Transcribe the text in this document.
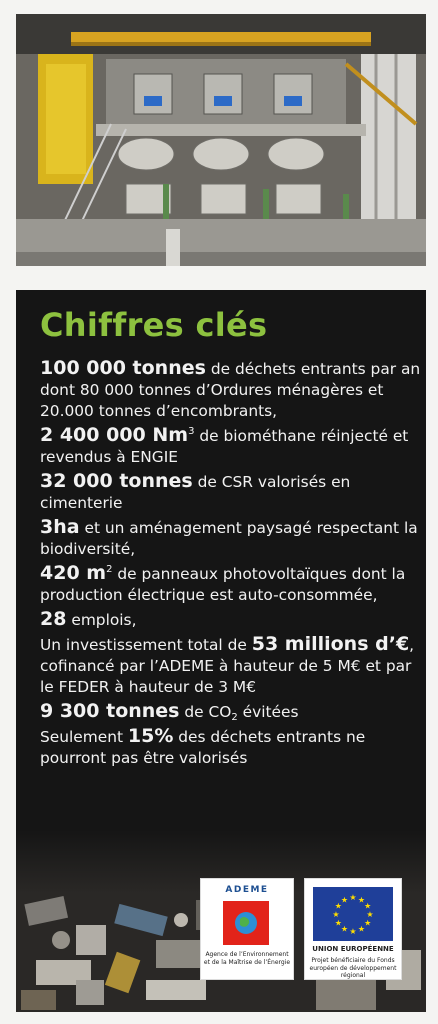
Chiffres clés

100 000 tonnes de déchets entrants par an dont 80 000 tonnes d’Ordures ménagères et 20.000 tonnes d’encombrants,

2 400 000 Nm$^3$ de biométhane réinjecté et revendus à ENGIE

32 000 tonnes de CSR valorisés en cimenterie

3ha et un aménagement paysagé respectant la biodiversité,

420 $m^2$ de panneaux photovoltaïques dont la production électrique est auto-consommée,

28 emplois,

Un investissement total de 53 millions d’€, cofinancé par l’ADEME à hauteur de 5 M€ et par le FEDER à hauteur de 3 M€

9 300 tonnes de $CO_2$ évitées

Seulement 15% des déchets entrants ne pourront pas être valorisés

ADEME
Agence de l’Environnement et de la Maîtrise de l’Énergie
★ ★
★
★
★
★
★
★
★
★
★
★
UNION EUROPÉENNE
Projet bénéficiaire du Fonds européen de développement régional
